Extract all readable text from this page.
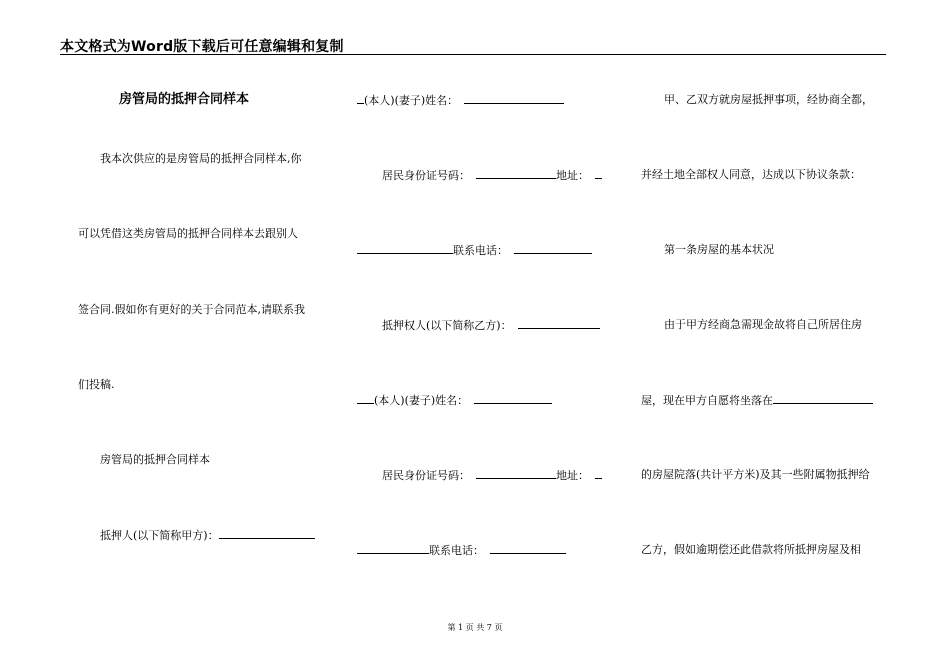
本文格式为Word版下载后可任意编辑和复制
房管局的抵押合同样本
我本次供应的是房管局的抵押合同样本,你
可以凭借这类房管局的抵押合同样本去跟别人
签合同.假如你有更好的关于合同范本,请联系我
们投稿.
房管局的抵押合同样本
抵押人(以下简称甲方)：
(本人)(妻子)姓名：
居民身份证号码：	地址：
联系电话：
抵押权人(以下简称乙方)：
(本人)(妻子)姓名：
居民身份证号码：	地址：
联系电话：
甲、乙双方就房屋抵押事项，经协商全都，
并经土地全部权人同意，达成以下协议条款：
第一条房屋的基本状况
由于甲方经商急需现金故将自己所居住房
屋，现在甲方自愿将坐落在
的房屋院落(共计平方米)及其一些附属物抵押给
乙方，假如逾期偿还此借款将所抵押房屋及相
第 1 页 共 7 页
